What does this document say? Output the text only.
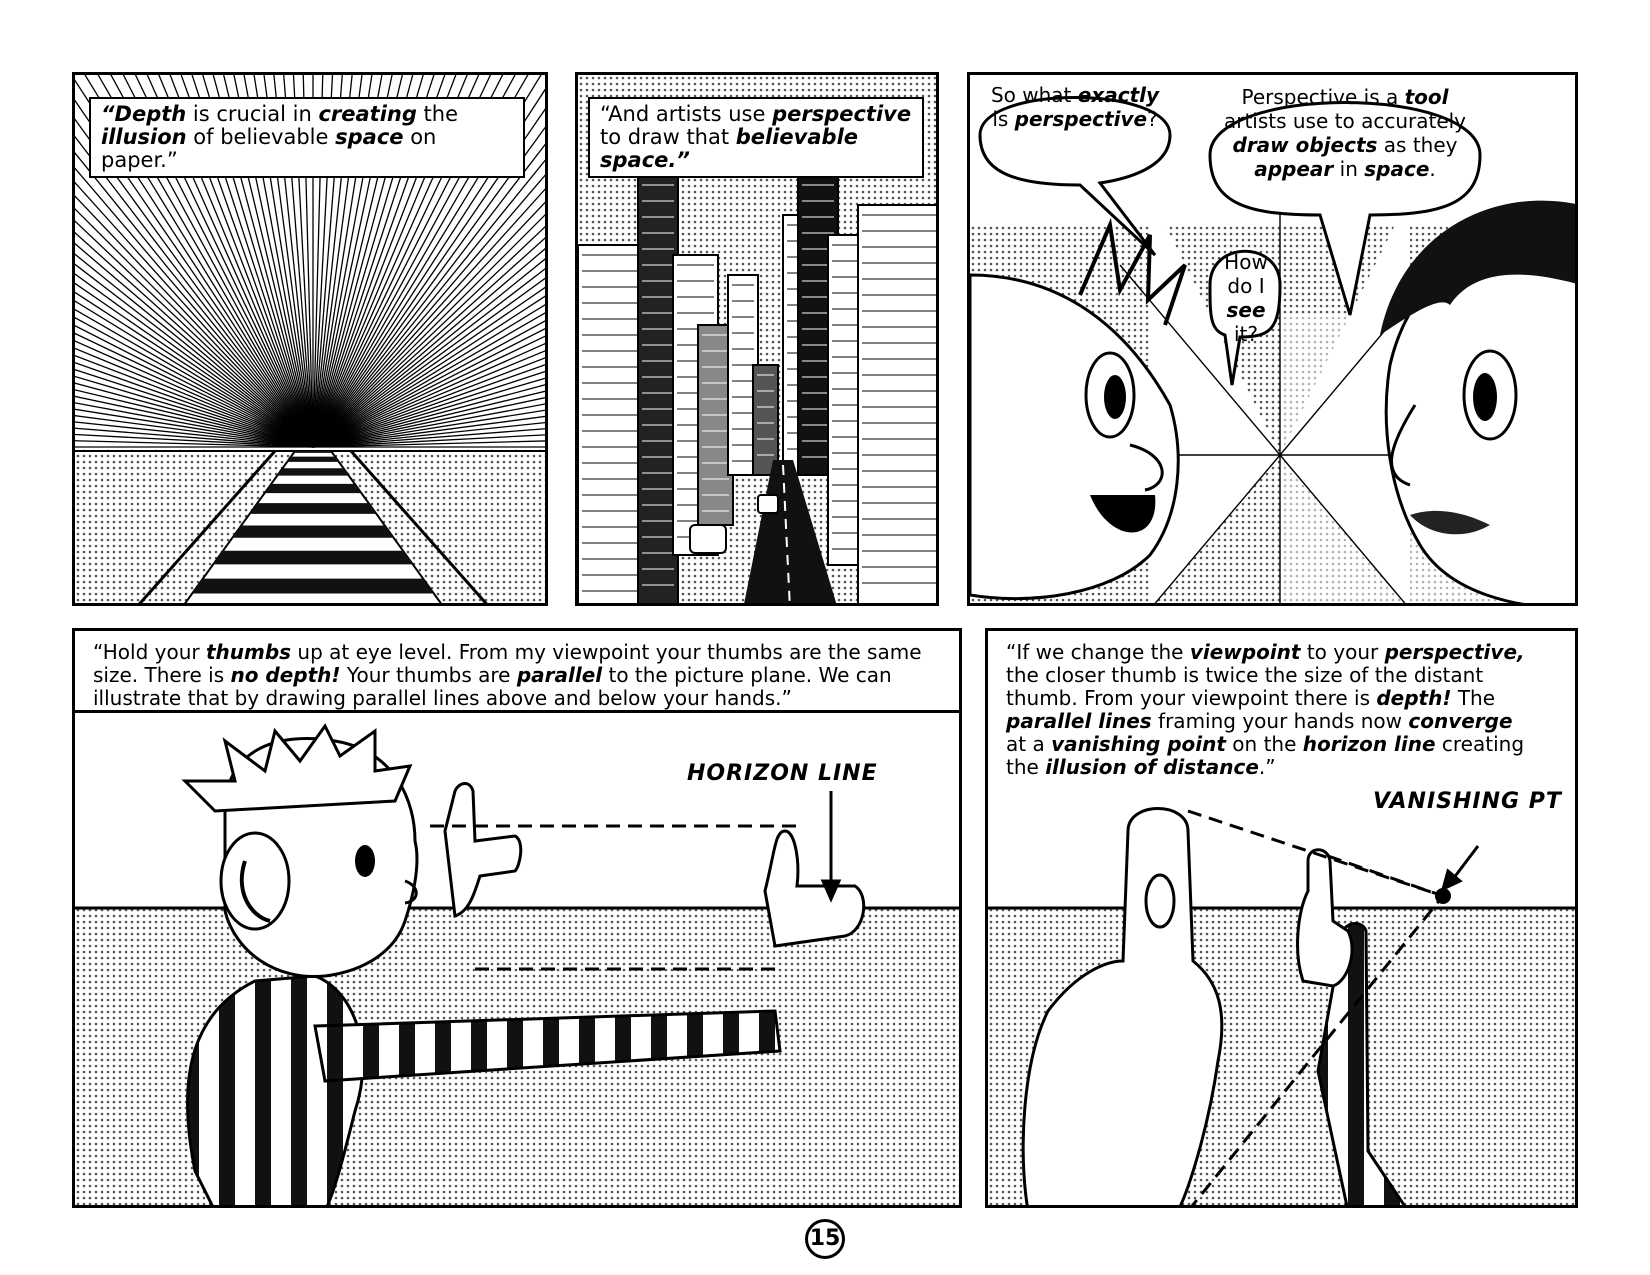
“Depth is crucial in creating the illusion of believable space on paper.”
“And artists use perspective to draw that believable space.”
So what exactly is perspective?
Perspective is a tool artists use to accurately draw objects as they appear in space.
How do I see it?
“Hold your thumbs up at eye level. From my viewpoint your thumbs are the same size. There is no depth! Your thumbs are parallel to the picture plane. We can illustrate that by drawing parallel lines above and below your hands.”
HORIZON LINE
“If we change the viewpoint to your perspective, the closer thumb is twice the size of the distant thumb. From your viewpoint there is depth! The parallel lines framing your hands now converge at a vanishing point on the horizon line creating the illusion of distance.”
VANISHING PT
15
